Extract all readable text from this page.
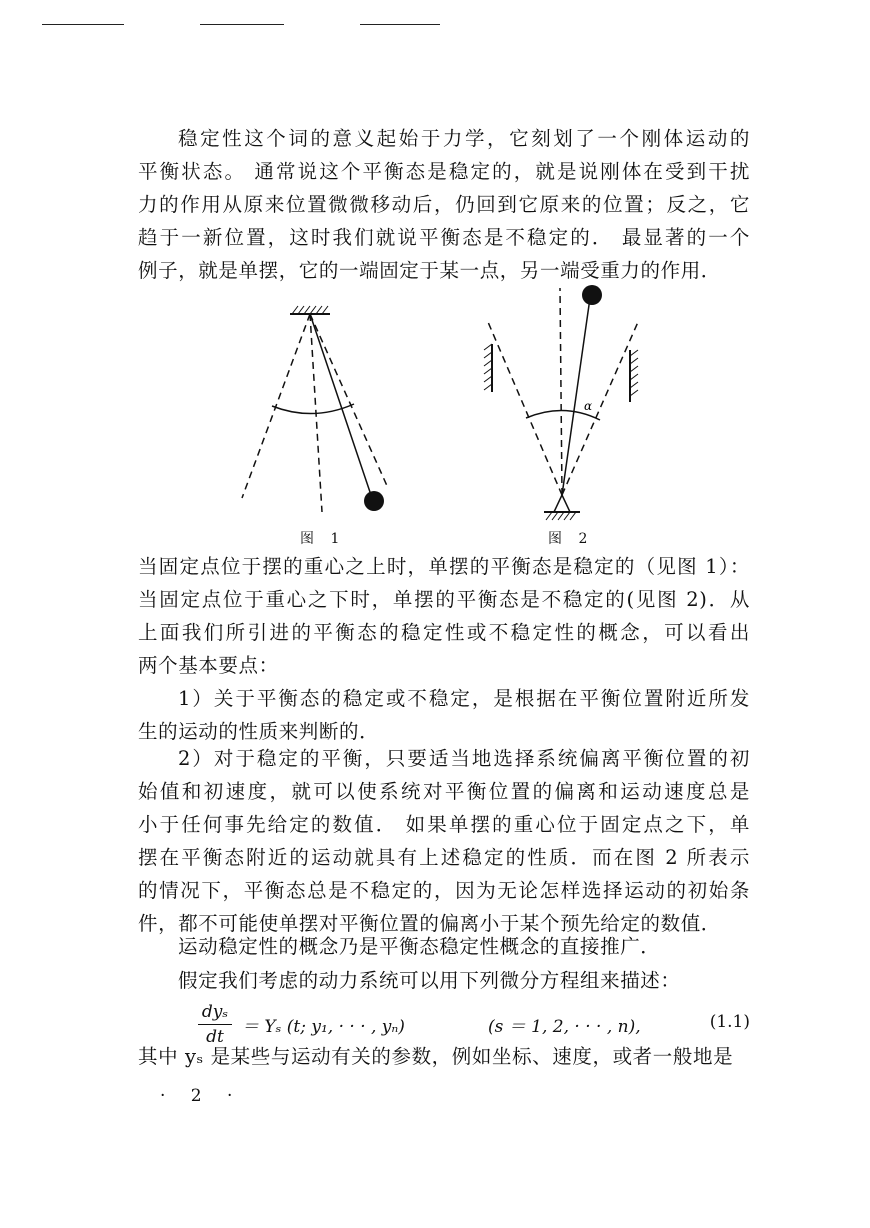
稳定性这个词的意义起始于力学，它刻划了一个刚体运动的
平衡状态。 通常说这个平衡态是稳定的，就是说刚体在受到干扰
力的作用从原来位置微微移动后，仍回到它原来的位置；反之，它
趋于一新位置，这时我们就说平衡态是不稳定的． 最显著的一个
例子，就是单摆，它的一端固定于某一点，另一端受重力的作用．
图 1
α
图 2
当固定点位于摆的重心之上时，单摆的平衡态是稳定的（见图 1）：
当固定点位于重心之下时，单摆的平衡态是不稳定的(见图 2)．从
上面我们所引进的平衡态的稳定性或不稳定性的概念，可以看出
两个基本要点：
1）关于平衡态的稳定或不稳定，是根据在平衡位置附近所发
生的运动的性质来判断的．
2）对于稳定的平衡，只要适当地选择系统偏离平衡位置的初
始值和初速度，就可以使系统对平衡位置的偏离和运动速度总是
小于任何事先给定的数值． 如果单摆的重心位于固定点之下，单
摆在平衡态附近的运动就具有上述稳定的性质．而在图 2 所表示
的情况下，平衡态总是不稳定的，因为无论怎样选择运动的初始条
件，都不可能使单摆对平衡位置的偏离小于某个预先给定的数值．
运动稳定性的概念乃是平衡态稳定性概念的直接推广．
假定我们考虑的动力系统可以用下列微分方程组来描述：
dyₛ
dt	＝ Yₛ (t; y₁, · · · , yₙ)	(s ＝ 1, 2, · · · , n),	(1.1)
其中 yₛ 是某些与运动有关的参数，例如坐标、速度，或者一般地是
· 2 ·
